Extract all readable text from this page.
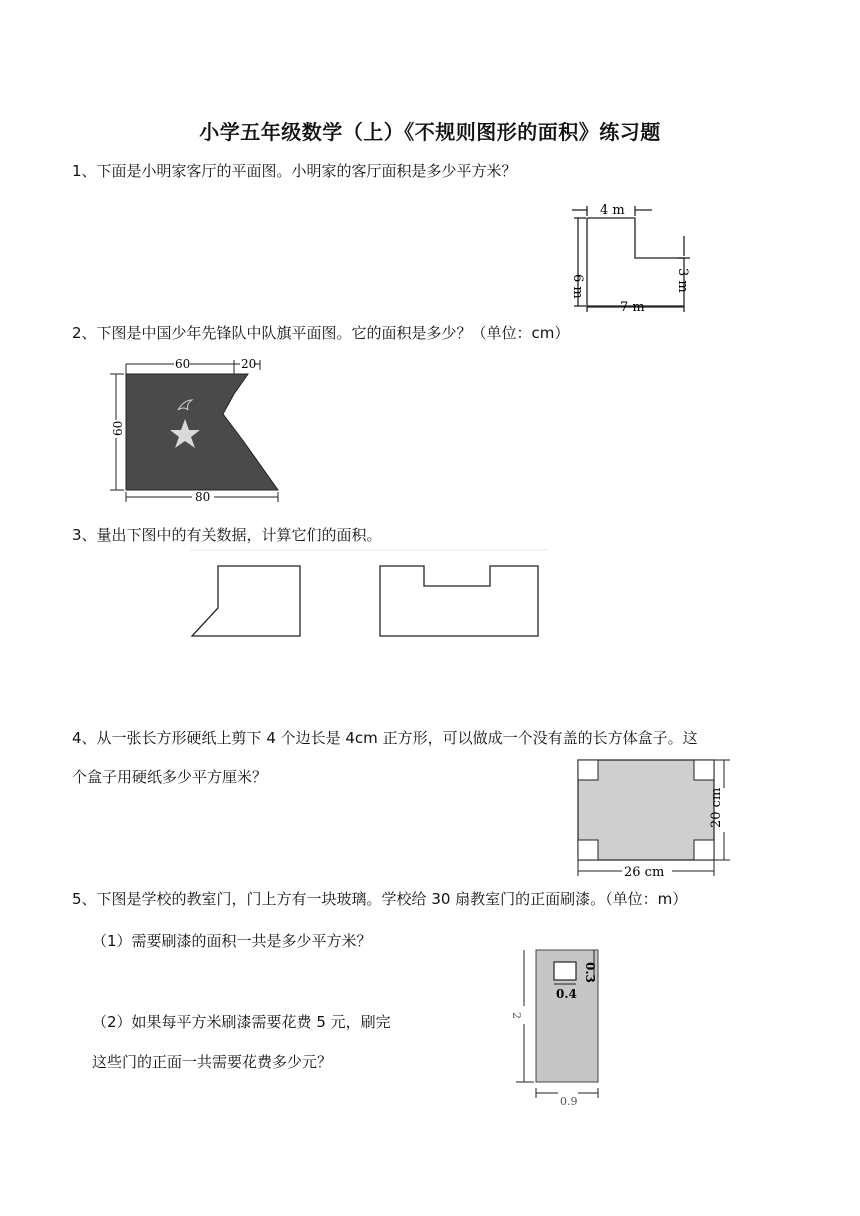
小学五年级数学（上）《不规则图形的面积》练习题
1、下面是小明家客厅的平面图。小明家的客厅面积是多少平方米？
4 m
6 m
7 m
3 m
2、下图是中国少年先锋队中队旗平面图。它的面积是多少？（单位：cm）
60	20
60
80
3、量出下图中的有关数据，计算它们的面积。
4、从一张长方形硬纸上剪下 4 个边长是 4cm 正方形，可以做成一个没有盖的长方体盒子。这
个盒子用硬纸多少平方厘米？
26 cm
20 cm
5、下图是学校的教室门，门上方有一块玻璃。学校给 30 扇教室门的正面刷漆。（单位：m）
（1）需要刷漆的面积一共是多少平方米？
（2）如果每平方米刷漆需要花费 5 元，刷完
这些门的正面一共需要花费多少元？
0.4
0.3
2
0.9
